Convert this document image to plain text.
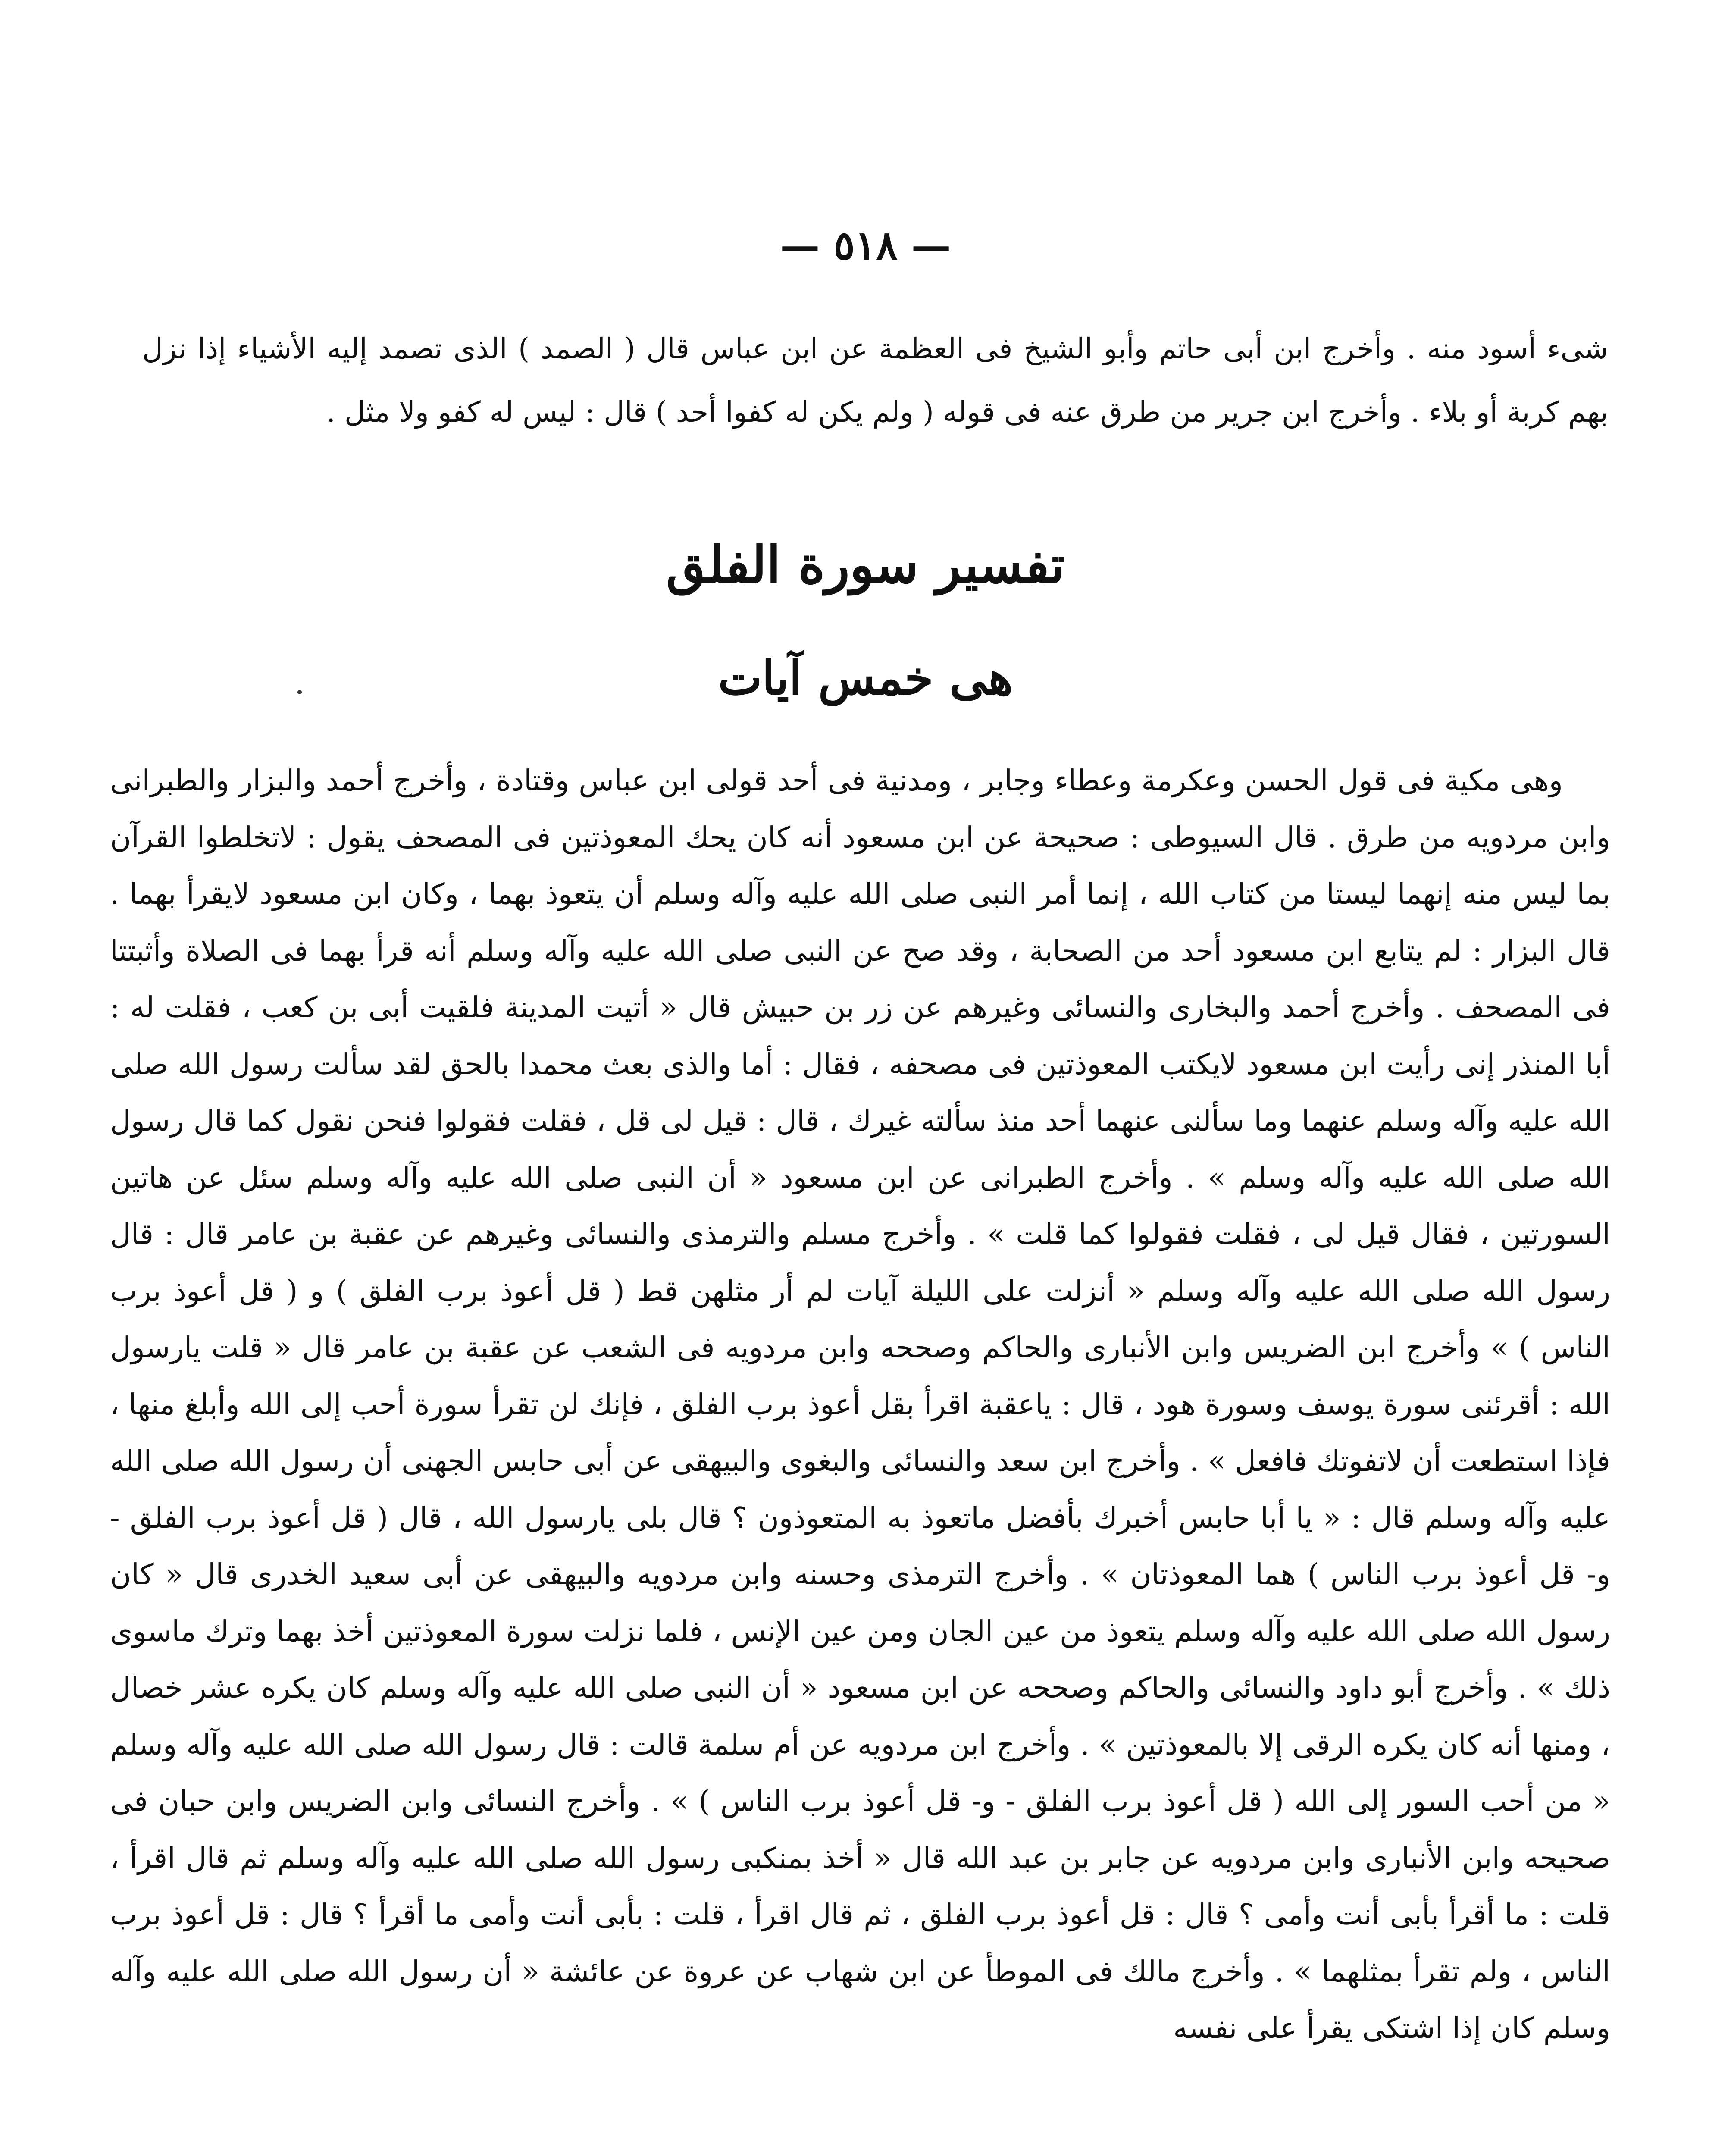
— ٥١٨ —
شىء أسود منه . وأخرج ابن أبى حاتم وأبو الشيخ فى العظمة عن ابن عباس قال ( الصمد ) الذى تصمد إليه الأشياء إذا نزل بهم كربة أو بلاء . وأخرج ابن جرير من طرق عنه فى قوله ( ولم يكن له كفوا أحد ) قال : ليس له كفو ولا مثل .
تفسير سورة الفلق
هى خمس آيات

وهى مكية فى قول الحسن وعكرمة وعطاء وجابر ، ومدنية فى أحد قولى ابن عباس وقتادة ، وأخرج أحمد والبزار والطبرانى وابن مردويه من طرق . قال السيوطى : صحيحة عن ابن مسعود أنه كان يحك المعوذتين فى المصحف يقول : لاتخلطوا القرآن بما ليس منه إنهما ليستا من كتاب الله ، إنما أمر النبى صلى الله عليه وآله وسلم أن يتعوذ بهما ، وكان ابن مسعود لايقرأ بهما . قال البزار : لم يتابع ابن مسعود أحد من الصحابة ، وقد صح عن النبى صلى الله عليه وآله وسلم أنه قرأ بهما فى الصلاة وأثبتتا فى المصحف . وأخرج أحمد والبخارى والنسائى وغيرهم عن زر بن حبيش قال « أتيت المدينة فلقيت أبى بن كعب ، فقلت له : أبا المنذر إنى رأيت ابن مسعود لايكتب المعوذتين فى مصحفه ، فقال : أما والذى بعث محمدا بالحق لقد سألت رسول الله صلى الله عليه وآله وسلم عنهما وما سألنى عنهما أحد منذ سألته غيرك ، قال : قيل لى قل ، فقلت فقولوا فنحن نقول كما قال رسول الله صلى الله عليه وآله وسلم » . وأخرج الطبرانى عن ابن مسعود « أن النبى صلى الله عليه وآله وسلم سئل عن هاتين السورتين ، فقال قيل لى ، فقلت فقولوا كما قلت » . وأخرج مسلم والترمذى والنسائى وغيرهم عن عقبة بن عامر قال : قال رسول الله صلى الله عليه وآله وسلم « أنزلت على الليلة آيات لم أر مثلهن قط ( قل أعوذ برب الفلق ) و ( قل أعوذ برب الناس ) » وأخرج ابن الضريس وابن الأنبارى والحاكم وصححه وابن مردويه فى الشعب عن عقبة بن عامر قال « قلت يارسول الله : أقرئنى سورة يوسف وسورة هود ، قال : ياعقبة اقرأ بقل أعوذ برب الفلق ، فإنك لن تقرأ سورة أحب إلى الله وأبلغ منها ، فإذا استطعت أن لاتفوتك فافعل » . وأخرج ابن سعد والنسائى والبغوى والبيهقى عن أبى حابس الجهنى أن رسول الله صلى الله عليه وآله وسلم قال : « يا أبا حابس أخبرك بأفضل ماتعوذ به المتعوذون ؟ قال بلى يارسول الله ، قال ( قل أعوذ برب الفلق - و- قل أعوذ برب الناس ) هما المعوذتان » . وأخرج الترمذى وحسنه وابن مردويه والبيهقى عن أبى سعيد الخدرى قال « كان رسول الله صلى الله عليه وآله وسلم يتعوذ من عين الجان ومن عين الإنس ، فلما نزلت سورة المعوذتين أخذ بهما وترك ماسوى ذلك » . وأخرج أبو داود والنسائى والحاكم وصححه عن ابن مسعود « أن النبى صلى الله عليه وآله وسلم كان يكره عشر خصال ، ومنها أنه كان يكره الرقى إلا بالمعوذتين » . وأخرج ابن مردويه عن أم سلمة قالت : قال رسول الله صلى الله عليه وآله وسلم « من أحب السور إلى الله ( قل أعوذ برب الفلق - و- قل أعوذ برب الناس ) » . وأخرج النسائى وابن الضريس وابن حبان فى صحيحه وابن الأنبارى وابن مردويه عن جابر بن عبد الله قال « أخذ بمنكبى رسول الله صلى الله عليه وآله وسلم ثم قال اقرأ ، قلت : ما أقرأ بأبى أنت وأمى ؟ قال : قل أعوذ برب الفلق ، ثم قال اقرأ ، قلت : بأبى أنت وأمى ما أقرأ ؟ قال : قل أعوذ برب الناس ، ولم تقرأ بمثلهما » . وأخرج مالك فى الموطأ عن ابن شهاب عن عروة عن عائشة « أن رسول الله صلى الله عليه وآله وسلم كان إذا اشتكى يقرأ على نفسه
